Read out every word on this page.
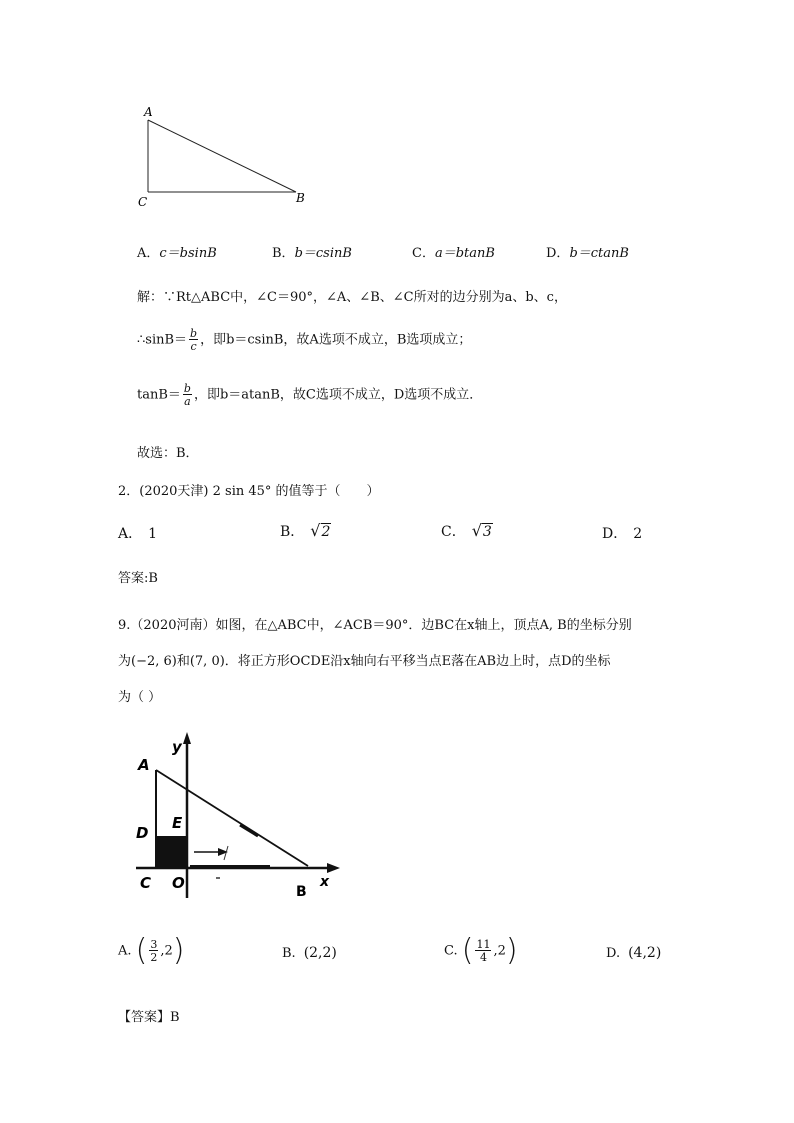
A
B
C
A．c＝bsinB	B．b＝csinB	C．a＝btanB	D．b＝ctanB
解：∵Rt△ABC中，∠C＝90°，∠A、∠B、∠C所对的边分别为a、b、c，
∴sinB＝ $\frac{b}{c}$ ，即b＝csinB，故A选项不成立，B选项成立；
$\tan B= \frac{b}{a}$ ，即b＝atanB，故C选项不成立，D选项不成立．
故选：B．
2．(2020天津) 2 sin 45° 的值等于（　　）
A． 1	B． √2	C． √3	D． 2
答案:B
9.（2020河南）如图，在△ABC中，∠ACB＝90°．边BC在x轴上，顶点A, B的坐标分别
为(−2, 6)和(7, 0)．将正方形OCDE沿x轴向右平移当点E落在AB边上时，点D的坐标
为（ ）
A
y
D
E
C O	B
x
A. ( $\frac{3}{2} ,2$)	B. (2,2)	C. ( $\frac{11}{4} ,2$)	D. (4,2)
【答案】B
